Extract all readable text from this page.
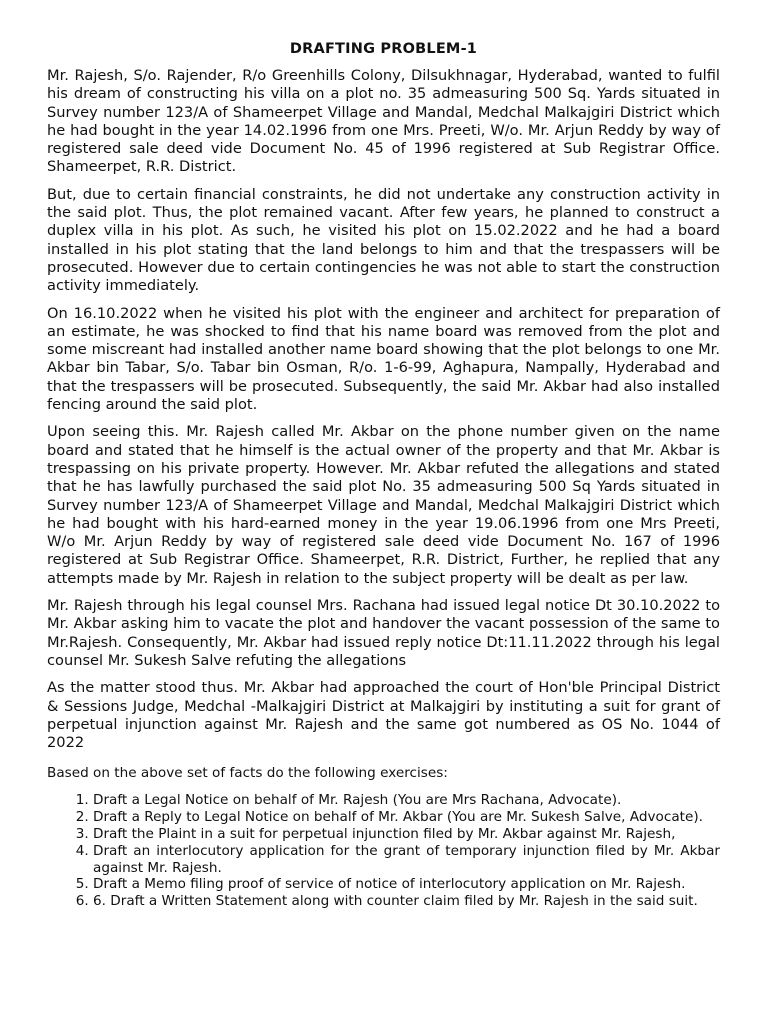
DRAFTING PROBLEM-1

Mr. Rajesh, S/o. Rajender, R/o Greenhills Colony, Dilsukhnagar, Hyderabad, wanted to fulfil his dream of constructing his villa on a plot no. 35 admeasuring 500 Sq. Yards situated in Survey number 123/A of Shameerpet Village and Mandal, Medchal Malkajgiri District which he had bought in the year 14.02.1996 from one Mrs. Preeti, W/o. Mr. Arjun Reddy by way of registered sale deed vide Document No. 45 of 1996 registered at Sub Registrar Office. Shameerpet, R.R. District.

But, due to certain financial constraints, he did not undertake any construction activity in the said plot. Thus, the plot remained vacant. After few years, he planned to construct a duplex villa in his plot. As such, he visited his plot on 15.02.2022 and he had a board installed in his plot stating that the land belongs to him and that the trespassers will be prosecuted. However due to certain contingencies he was not able to start the construction activity immediately.

On 16.10.2022 when he visited his plot with the engineer and architect for preparation of an estimate, he was shocked to find that his name board was removed from the plot and some miscreant had installed another name board showing that the plot belongs to one Mr. Akbar bin Tabar, S/o. Tabar bin Osman, R/o. 1-6-99, Aghapura, Nampally, Hyderabad and that the trespassers will be prosecuted. Subsequently, the said Mr. Akbar had also installed fencing around the said plot.

Upon seeing this. Mr. Rajesh called Mr. Akbar on the phone number given on the name board and stated that he himself is the actual owner of the property and that Mr. Akbar is trespassing on his private property. However. Mr. Akbar refuted the allegations and stated that he has lawfully purchased the said plot No. 35 admeasuring 500 Sq Yards situated in Survey number 123/A of Shameerpet Village and Mandal, Medchal Malkajgiri District which he had bought with his hard-earned money in the year 19.06.1996 from one Mrs Preeti, W/o Mr. Arjun Reddy by way of registered sale deed vide Document No. 167 of 1996 registered at Sub Registrar Office. Shameerpet, R.R. District, Further, he replied that any attempts made by Mr. Rajesh in relation to the subject property will be dealt as per law.

Mr. Rajesh through his legal counsel Mrs. Rachana had issued legal notice Dt 30.10.2022 to Mr. Akbar asking him to vacate the plot and handover the vacant possession of the same to Mr.Rajesh. Consequently, Mr. Akbar had issued reply notice Dt:11.11.2022 through his legal counsel Mr. Sukesh Salve refuting the allegations

As the matter stood thus. Mr. Akbar had approached the court of Hon'ble Principal District & Sessions Judge, Medchal -Malkajgiri District at Malkajgiri by instituting a suit for grant of perpetual injunction against Mr. Rajesh and the same got numbered as OS No. 1044 of 2022

Based on the above set of facts do the following exercises:
1. Draft a Legal Notice on behalf of Mr. Rajesh (You are Mrs Rachana, Advocate).
2. Draft a Reply to Legal Notice on behalf of Mr. Akbar (You are Mr. Sukesh Salve, Advocate).
3. Draft the Plaint in a suit for perpetual injunction filed by Mr. Akbar against Mr. Rajesh,
4. Draft an interlocutory application for the grant of temporary injunction filed by Mr. Akbar against Mr. Rajesh.
5. Draft a Memo filing proof of service of notice of interlocutory application on Mr. Rajesh.
6. 6. Draft a Written Statement along with counter claim filed by Mr. Rajesh in the said suit.
